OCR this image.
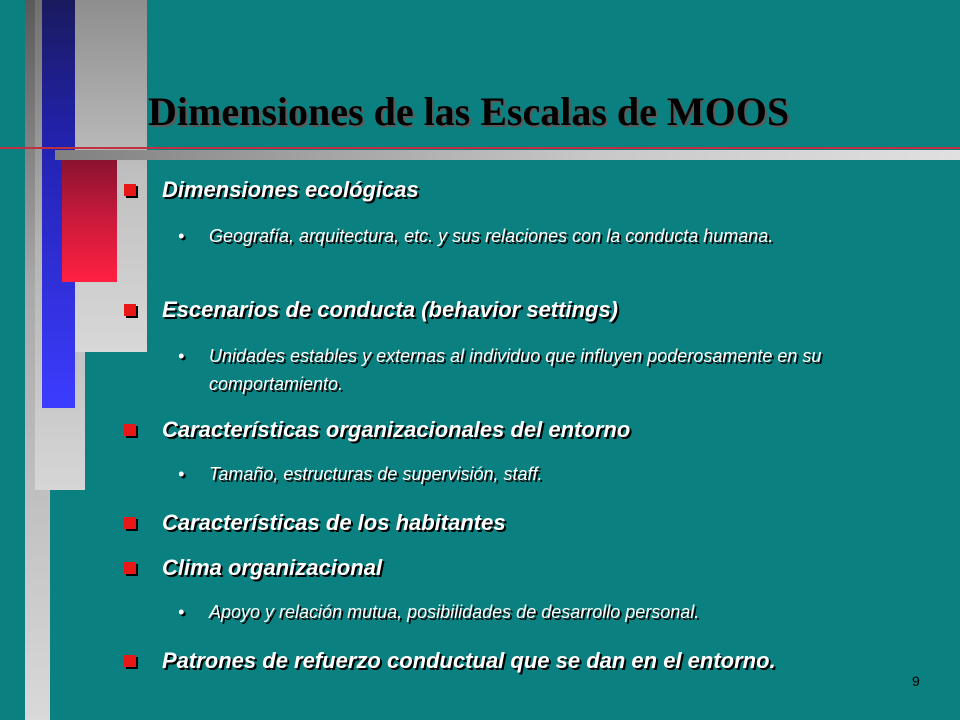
Dimensiones de las Escalas de MOOS
Dimensiones ecológicas
•	Geografía, arquitectura, etc. y sus relaciones con la conducta humana.
Escenarios de conducta (behavior settings)
•	Unidades estables y externas al individuo que influyen poderosamente en su comportamiento.
Características organizacionales del entorno
•	Tamaño, estructuras de supervisión, staff.
Características de los habitantes
Clima organizacional
•	Apoyo y relación mutua, posibilidades de desarrollo personal.
Patrones de refuerzo conductual que se dan en el entorno.
9
